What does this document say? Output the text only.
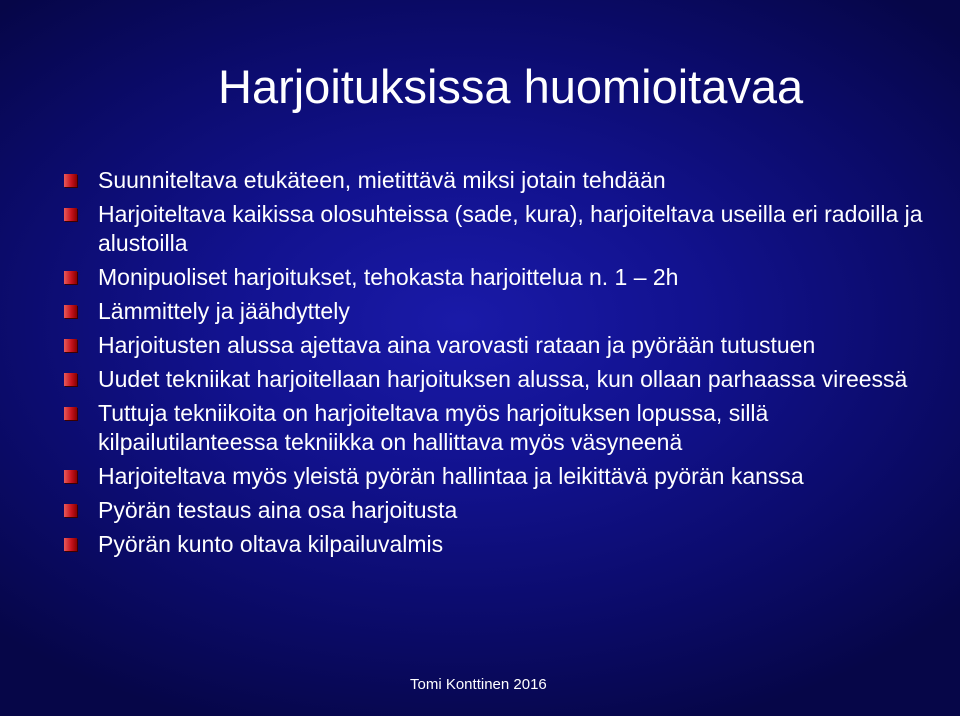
Harjoituksissa huomioitavaa
Suunniteltava etukäteen, mietittävä miksi jotain tehdään
Harjoiteltava kaikissa olosuhteissa (sade, kura), harjoiteltava useilla eri radoilla ja alustoilla
Monipuoliset harjoitukset, tehokasta harjoittelua n. 1 – 2h
Lämmittely ja jäähdyttely
Harjoitusten alussa ajettava aina varovasti rataan ja pyörään tutustuen
Uudet tekniikat harjoitellaan harjoituksen alussa, kun ollaan parhaassa vireessä
Tuttuja tekniikoita on harjoiteltava myös harjoituksen lopussa, sillä kilpailutilanteessa tekniikka on hallittava myös väsyneenä
Harjoiteltava myös yleistä pyörän hallintaa ja leikittävä pyörän kanssa
Pyörän testaus aina osa harjoitusta
Pyörän kunto oltava kilpailuvalmis
Tomi Konttinen 2016
